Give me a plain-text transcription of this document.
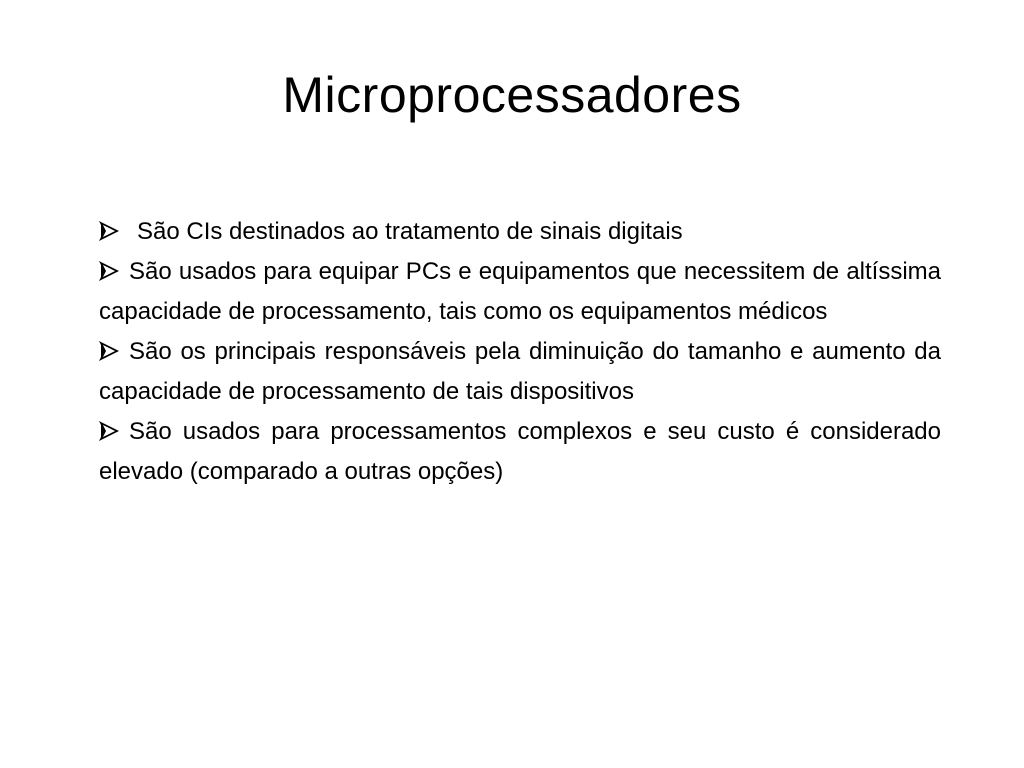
Microprocessadores
São CIs destinados ao tratamento de sinais digitais
São usados para equipar PCs e equipamentos que necessitem de altíssima capacidade de processamento, tais como os equipamentos médicos
São os principais responsáveis pela diminuição do tamanho e aumento da capacidade de processamento de tais dispositivos
São usados para processamentos complexos e seu custo é considerado elevado (comparado a outras opções)
